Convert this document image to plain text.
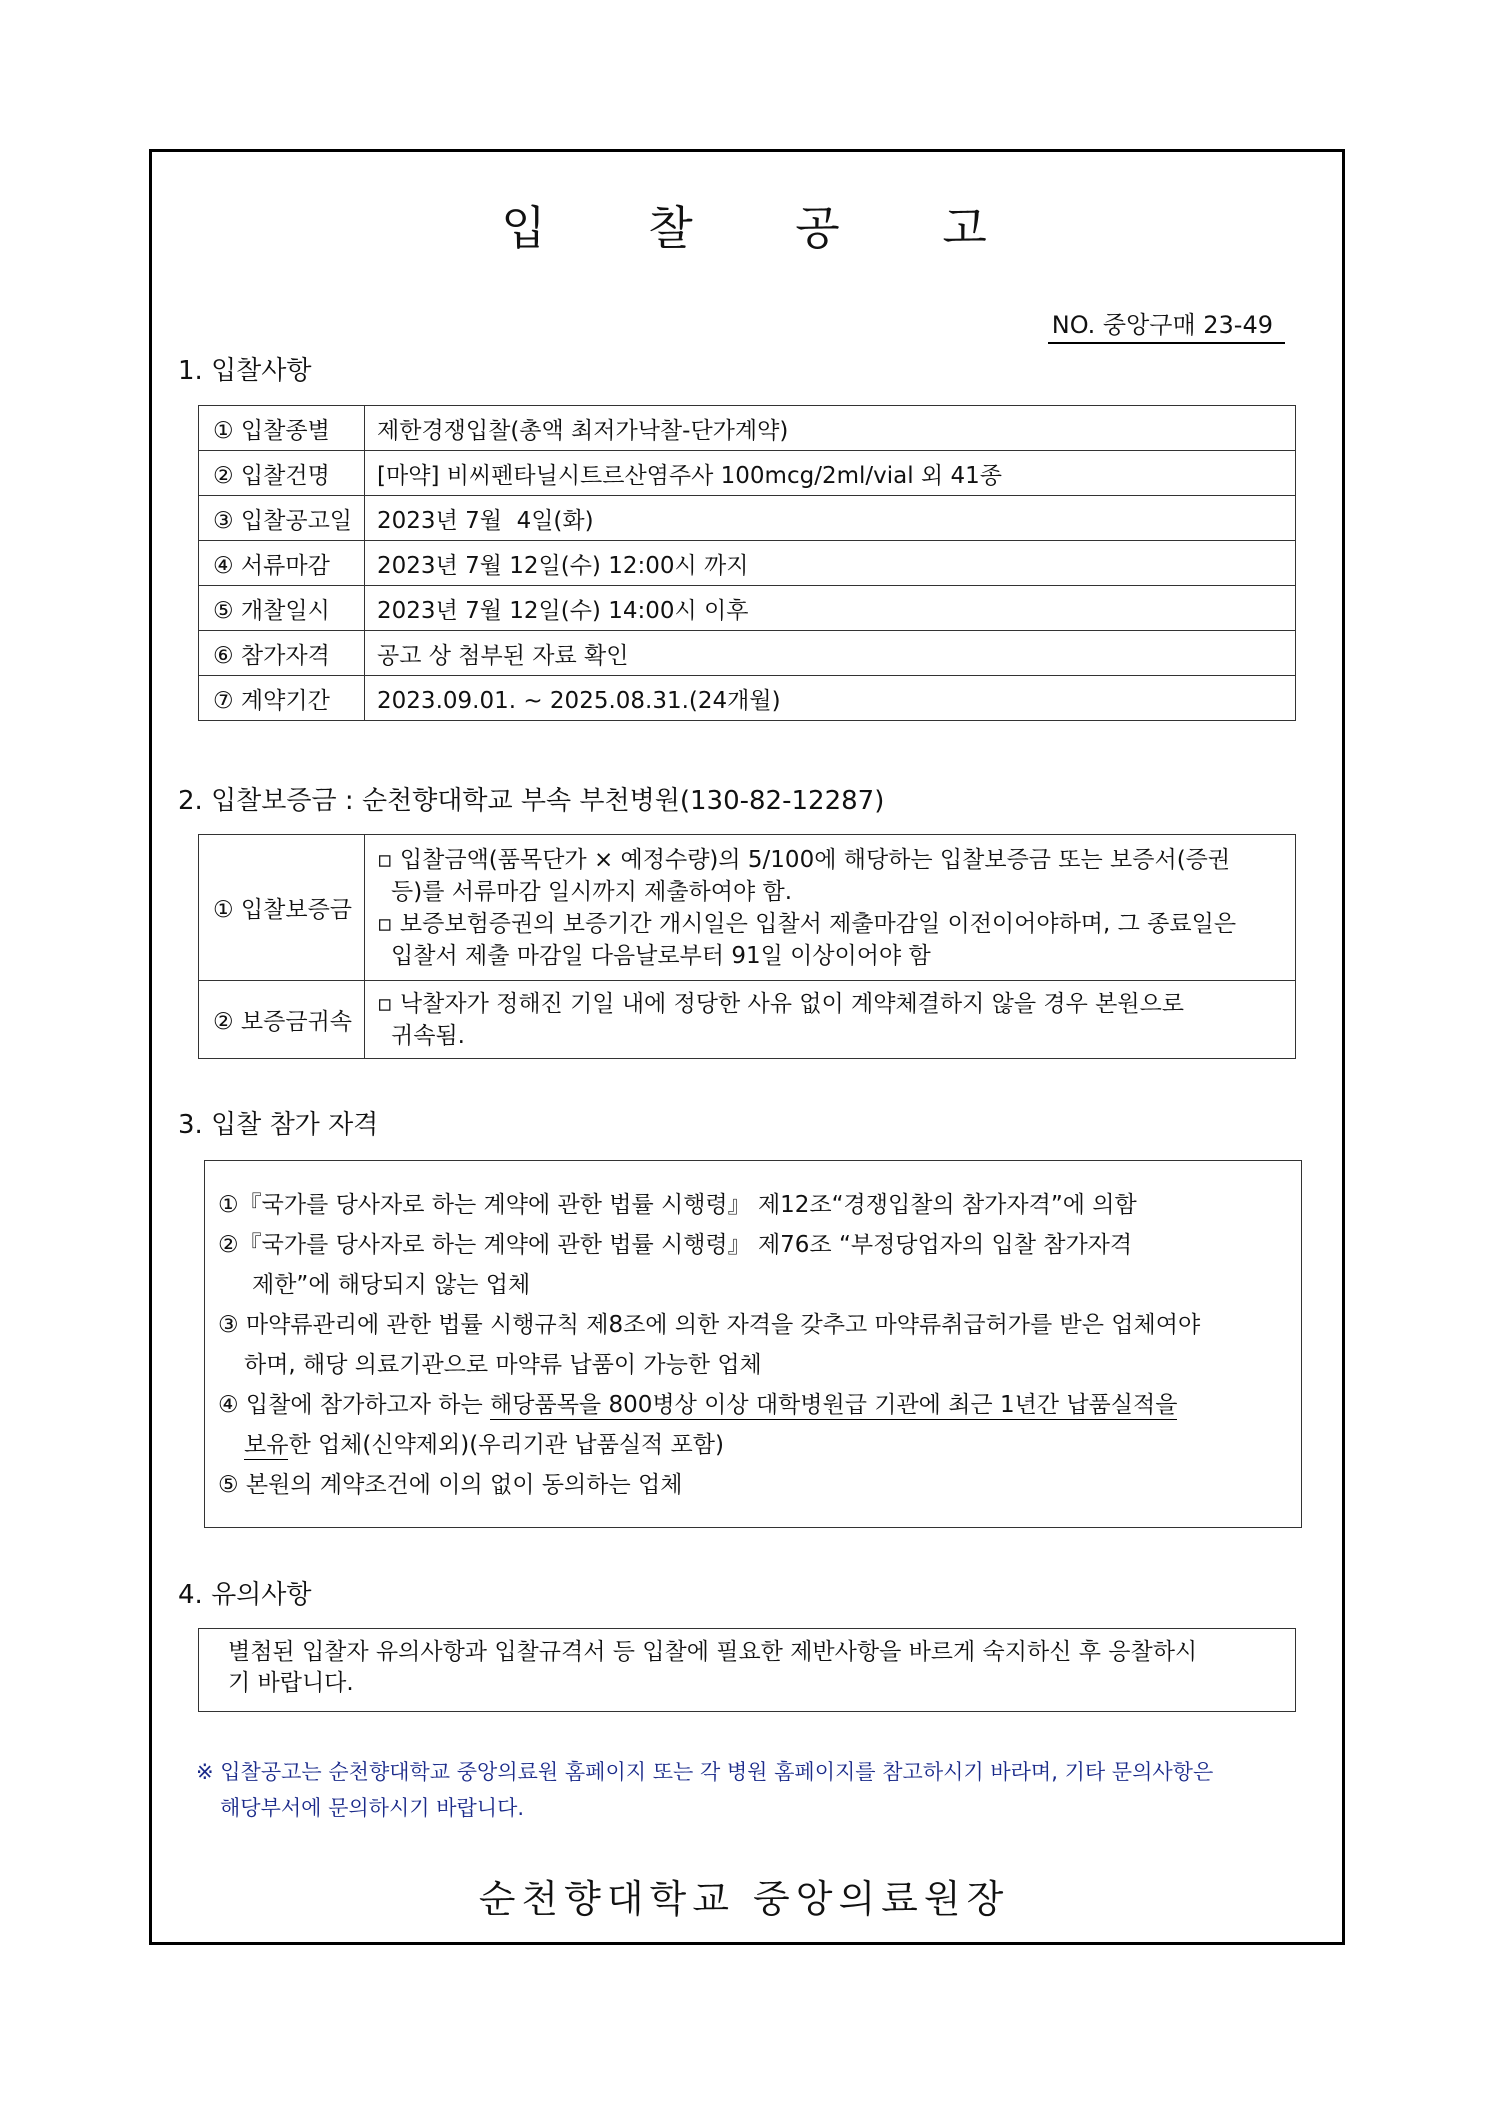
입 찰 공 고
NO. 중앙구매 23-49
1. 입찰사항
① 입찰종별	제한경쟁입찰(총액 최저가낙찰-단가계약)
② 입찰건명	[마약] 비씨펜타닐시트르산염주사 100mcg/2ml/vial 외 41종
③ 입찰공고일	2023년 7월  4일(화)
④ 서류마감	2023년 7월 12일(수) 12:00시 까지
⑤ 개찰일시	2023년 7월 12일(수) 14:00시 이후
⑥ 참가자격	공고 상 첨부된 자료 확인
⑦ 계약기간	2023.09.01. ~ 2025.08.31.(24개월)
2. 입찰보증금 : 순천향대학교 부속 부천병원(130-82-12287)
① 입찰보증금	▫ 입찰금액(품목단가 × 예정수량)의 5/100에 해당하는 입찰보증금 또는 보증서(증권
등)를 서류마감 일시까지 제출하여야 함.
▫ 보증보험증권의 보증기간 개시일은 입찰서 제출마감일 이전이어야하며, 그 종료일은
입찰서 제출 마감일 다음날로부터 91일 이상이어야 함

② 보증금귀속	▫ 낙찰자가 정해진 기일 내에 정당한 사유 없이 계약체결하지 않을 경우 본원으로
귀속됨.
3. 입찰 참가 자격
①『국가를 당사자로 하는 계약에 관한 법률 시행령』 제12조“경쟁입찰의 참가자격”에 의함
②『국가를 당사자로 하는 계약에 관한 법률 시행령』 제76조 “부정당업자의 입찰 참가자격
제한”에 해당되지 않는 업체
③ 마약류관리에 관한 법률 시행규칙 제8조에 의한 자격을 갖추고 마약류취급허가를 받은 업체여야
하며, 해당 의료기관으로 마약류 납품이 가능한 업체
④ 입찰에 참가하고자 하는 해당품목을 800병상 이상 대학병원급 기관에 최근 1년간 납품실적을
보유한 업체(신약제외)(우리기관 납품실적 포함)
⑤ 본원의 계약조건에 이의 없이 동의하는 업체
4. 유의사항
별첨된 입찰자 유의사항과 입찰규격서 등 입찰에 필요한 제반사항을 바르게 숙지하신 후 응찰하시
기 바랍니다.
※ 입찰공고는 순천향대학교 중앙의료원 홈페이지 또는 각 병원 홈페이지를 참고하시기 바라며, 기타 문의사항은
해당부서에 문의하시기 바랍니다.
순천향대학교 중앙의료원장
